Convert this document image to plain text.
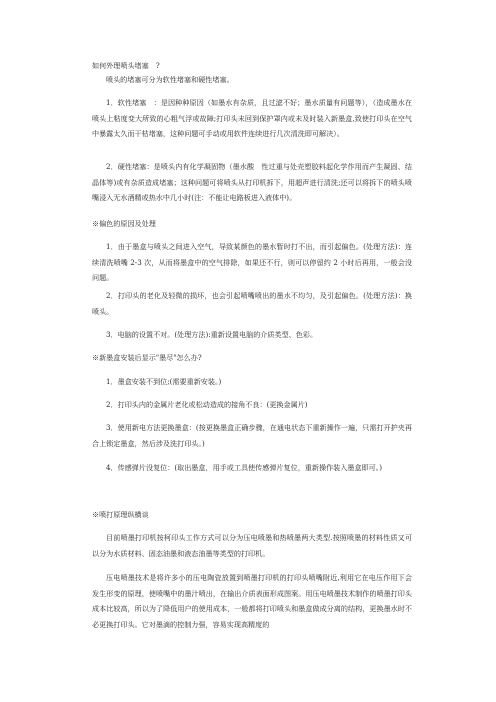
如何外理喷头堵塞　?
喷头的堵塞可分为软性堵塞和硬性堵塞。
1．软性堵塞　：是因种种原因（如墨水有杂质，且过滤不好；墨水质量有问题等），（造成墨水在喷头上粘度变大所致的心粗气浮或故障;打印头未回到保护罩内或未及时装入新墨盒,致使打印头在空气中暴露太久而干枯堵塞，这种问题可手动或用软件连续进行几次清洗即可解决）。
2．硬性堵塞：是喷头内有化学凝固物（墨水酸　性过重与处壳塑胶料起化学作用而产生凝固、结晶体等)或有杂质造成堵塞；这种问题可将喷头从打印机拆下，用超声进行清洗;还可以将拆下的喷头喷嘴浸入无水酒精或热水中几小时(注：不能让电路板进入液体中)。
※偏色的原因及处理
1．由于墨盒与喷头之间进入空气，导致某颜色的墨水暂时打不出，而引起偏色。(处理方法)：连续清洗喷嘴 2-3 次，从而将墨盒中的空气排除，如果还不行，则可以停留约 2 小时后再用，一般会没问题。
2．打印头的老化及轻微的损坏，也会引起喷嘴喷出的墨水不均匀，及引起偏色。(处理方法)：换喷头。
3．电脑的设置不对。(处理方法):重新设置电脑的介质类型、色彩。
※新墨盒安装后显示"墨尽"怎么办?
1．墨盒安装不到位;(需要重新安装。)
2．打印头内的金属片老化或松动造成的接角不良：(更换金属片)
3．使用新电方法更换墨盒：(按更换墨盒正确步骤，在通电状态下重新操作一遍，只需打开护夹再合上锁定墨盒，然后涉及洗打印头。)
4．传感弹片没复位：(取出墨盒，用手或工具使传感弹片复位，重新操作装入墨盒即可。)
※喷打原理纵横谈
目前喷墨打印机按柯印头工作方式可以分为压电喷墨和热喷墨两大类型.按照喷墨的材料性质又可以分为水质材料、固态油墨和液态油墨等类型的打印机。
压电喷墨技术是将许多小的压电陶瓷放置到喷墨打印机的打印头喷嘴附近,利用它在电压作用下会发生形变的原理，使喷嘴中的墨汁喷出，在输出介质表面形成图案。用压电喷墨技术制作的喷墨打印头成本比较高，所以为了降低用户的使用成本，一般都将打印喷头和墨盒做成分离的结构，更换墨水时不必更换打印头。它对墨滴的控制力强，容易实现高精度的
